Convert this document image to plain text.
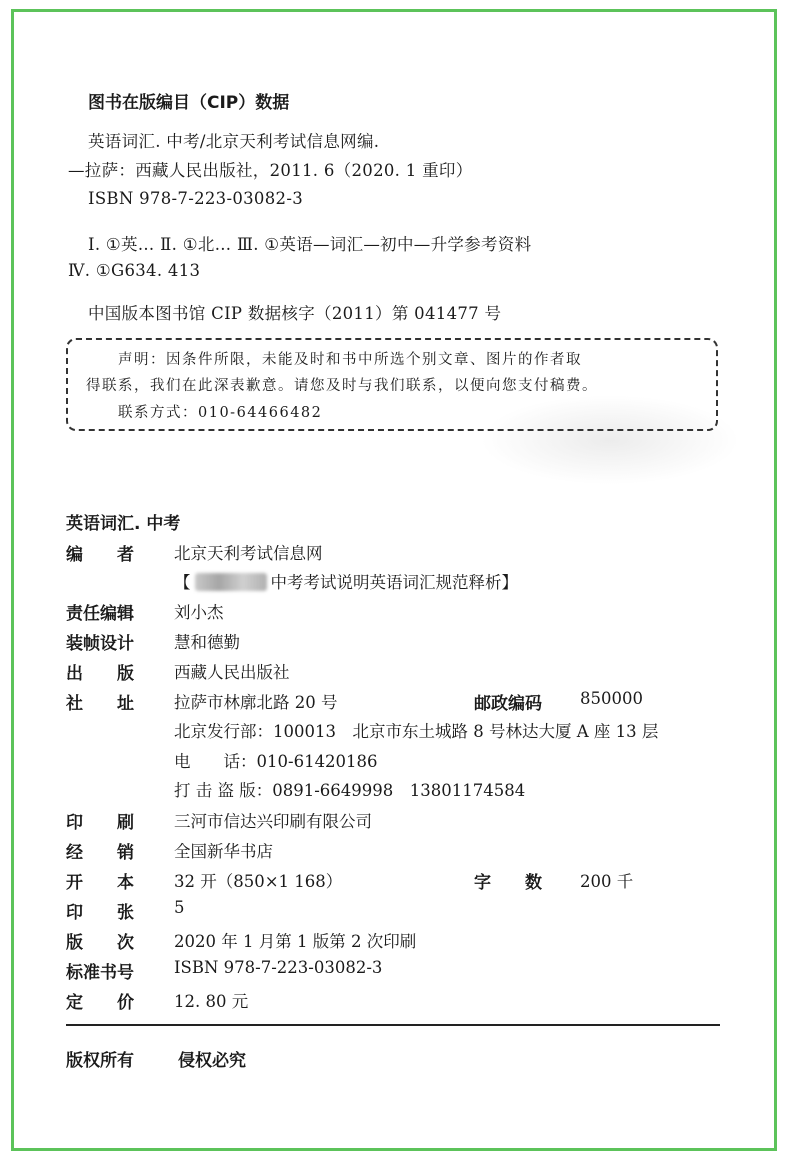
图书在版编目（CIP）数据
英语词汇. 中考/北京天利考试信息网编.
—拉萨：西藏人民出版社，2011. 6（2020. 1 重印）
ISBN 978-7-223-03082-3
Ⅰ. ①英… Ⅱ. ①北… Ⅲ. ①英语—词汇—初中—升学参考资料
Ⅳ. ①G634. 413
中国版本图书馆 CIP 数据核字（2011）第 041477 号
声明：因条件所限，未能及时和书中所选个别文章、图片的作者取
得联系，我们在此深表歉意。请您及时与我们联系，以便向您支付稿费。
联系方式：010-64466482
英语词汇. 中考
编　　者 北京天利考试信息网
【	中考考试说明英语词汇规范释析】
责任编辑 刘小杰
装帧设计 慧和德勤
出　　版 西藏人民出版社
社　　址 拉萨市林廓北路 20 号	邮政编码 850000
北京发行部：100013　北京市东土城路 8 号林达大厦 A 座 13 层
电　　话：010-61420186
打 击 盗 版：0891-6649998　13801174584
印　　刷 三河市信达兴印刷有限公司
经　　销 全国新华书店
开　　本 32 开（850×1 168）	字　　数 200 千
印　　张 5
版　　次 2020 年 1 月第 1 版第 2 次印刷
标准书号 ISBN 978-7-223-03082-3
定　　价 12. 80 元
版权所有	侵权必究
